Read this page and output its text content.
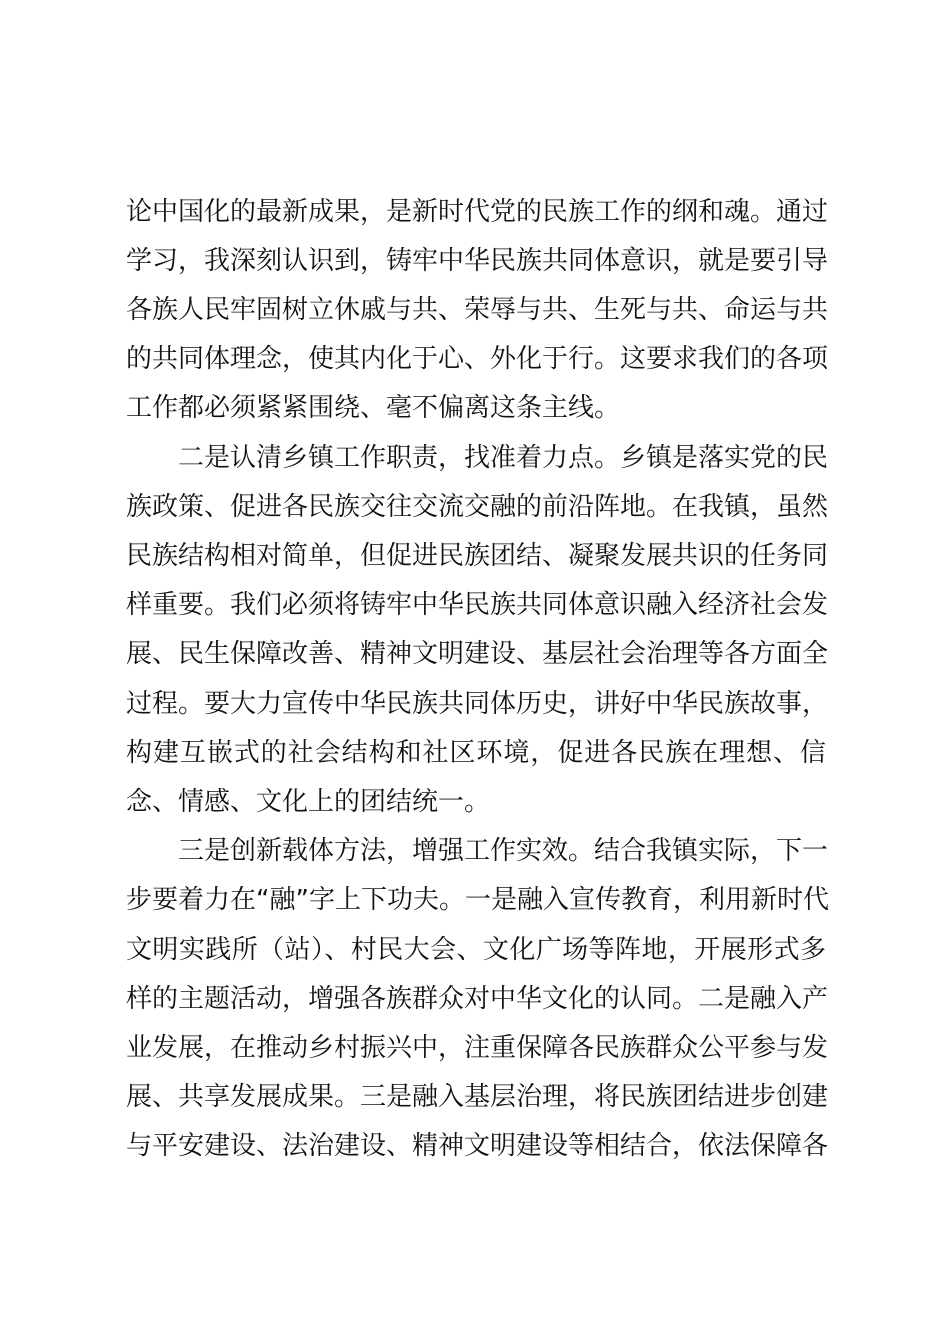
论中国化的最新成果，是新时代党的民族工作的纲和魂。通过
学习，我深刻认识到，铸牢中华民族共同体意识，就是要引导
各族人民牢固树立休戚与共、荣辱与共、生死与共、命运与共
的共同体理念，使其内化于心、外化于行。这要求我们的各项
工作都必须紧紧围绕、毫不偏离这条主线。
　　二是认清乡镇工作职责，找准着力点。乡镇是落实党的民
族政策、促进各民族交往交流交融的前沿阵地。在我镇，虽然
民族结构相对简单，但促进民族团结、凝聚发展共识的任务同
样重要。我们必须将铸牢中华民族共同体意识融入经济社会发
展、民生保障改善、精神文明建设、基层社会治理等各方面全
过程。要大力宣传中华民族共同体历史，讲好中华民族故事，
构建互嵌式的社会结构和社区环境，促进各民族在理想、信
念、情感、文化上的团结统一。
　　三是创新载体方法，增强工作实效。结合我镇实际，下一
步要着力在“融”字上下功夫。一是融入宣传教育，利用新时代
文明实践所（站）、村民大会、文化广场等阵地，开展形式多
样的主题活动，增强各族群众对中华文化的认同。二是融入产
业发展，在推动乡村振兴中，注重保障各民族群众公平参与发
展、共享发展成果。三是融入基层治理，将民族团结进步创建
与平安建设、法治建设、精神文明建设等相结合，依法保障各
